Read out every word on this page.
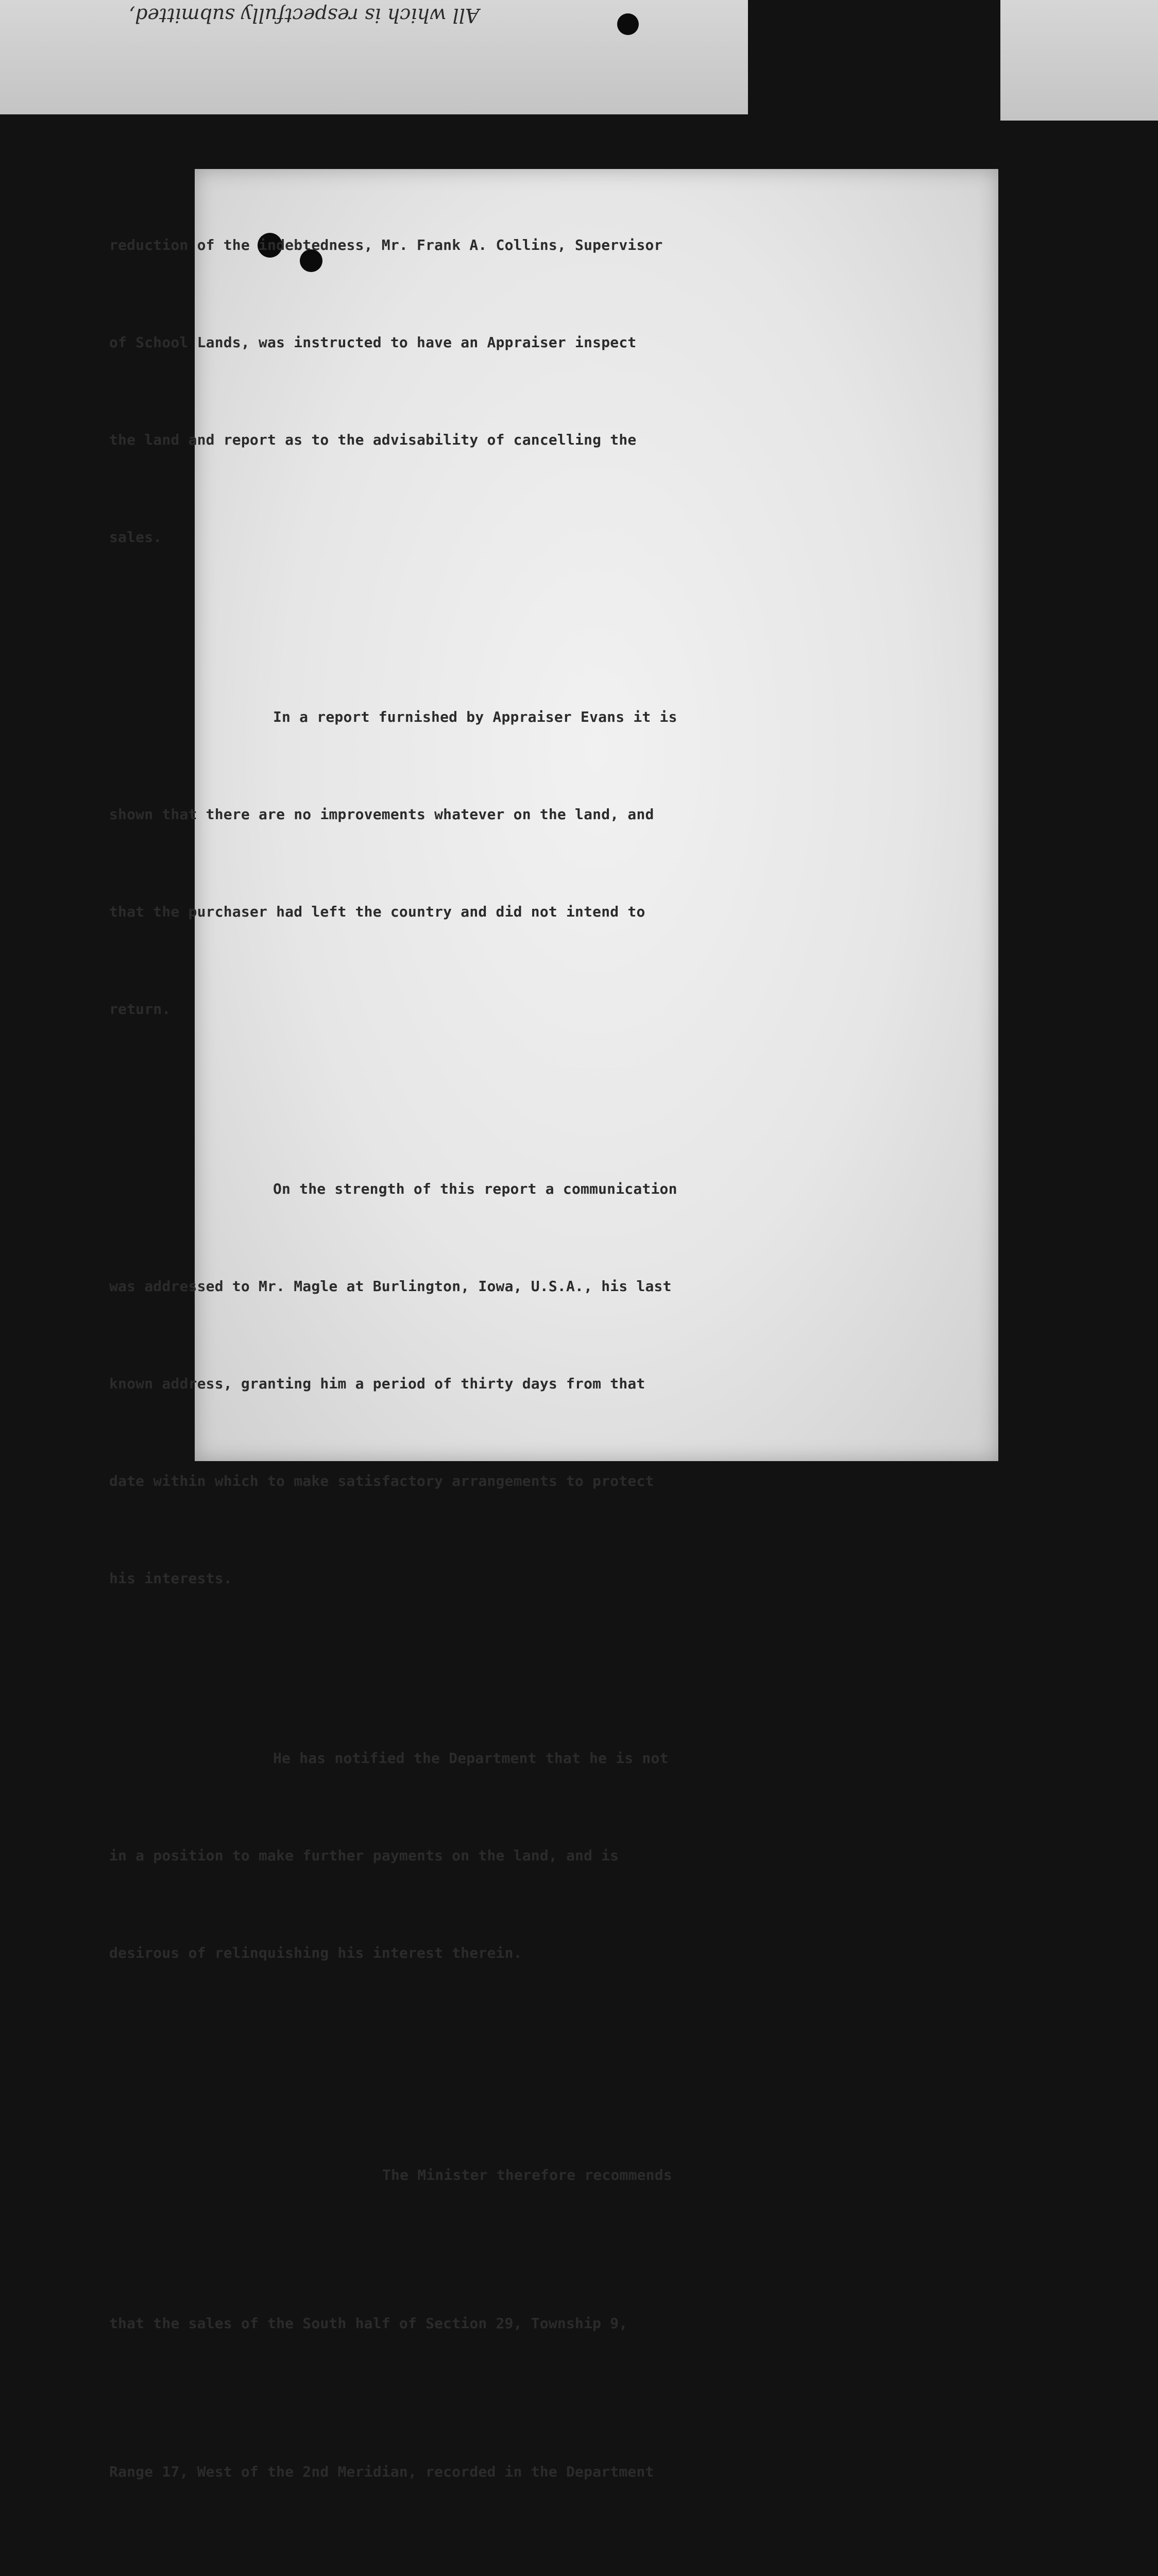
All which is respectfully submitted,

reduction of the indebtedness, Mr. Frank A. Collins, Supervisor

of School Lands, was instructed to have an Appraiser inspect

the land and report as to the advisability of cancelling the

sales.

In a report furnished by Appraiser Evans it is

shown that there are no improvements whatever on the land, and

that the purchaser had left the country and did not intend to

return.

On the strength of this report a communication

was addressed to Mr. Magle at Burlington, Iowa, U.S.A., his last

known address, granting him a period of thirty days from that

date within which to make satisfactory arrangements to protect

his interests.

He has notified the Department that he is not

in a position to make further payments on the land, and is

desirous of relinquishing his interest therein.

The Minister therefore recommends

that the sales of the South half of Section 29, Township 9,

Range 17, West of the 2nd Meridian, recorded in the Department
